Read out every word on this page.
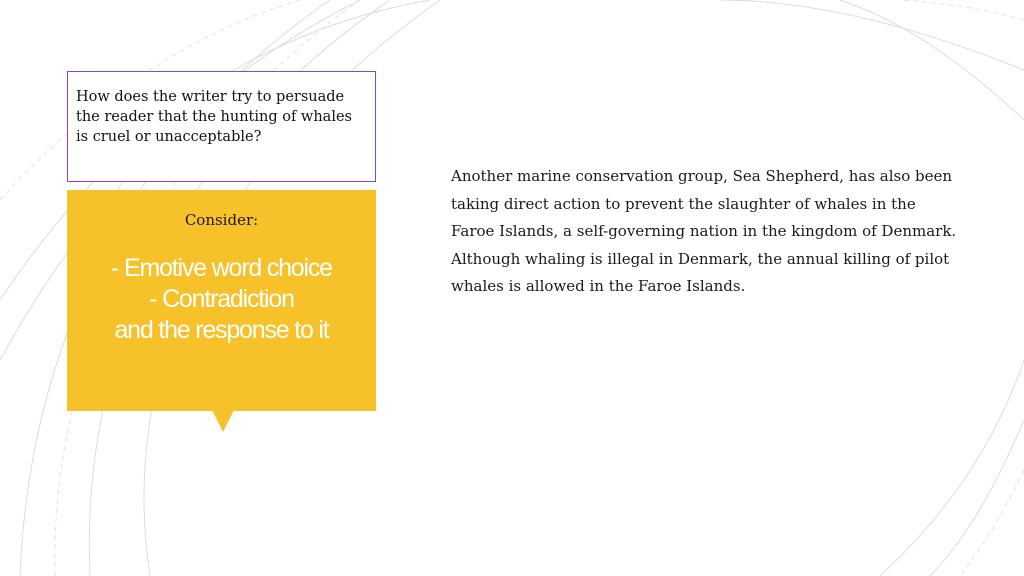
How does the writer try to persuade the reader that the hunting of whales is cruel or unacceptable?

Consider:
- Emotive word choice
- Contradiction
and the response to it

Another marine conservation group, Sea Shepherd, has also been taking direct action to prevent the slaughter of whales in the Faroe Islands, a self-governing nation in the kingdom of Denmark. Although whaling is illegal in Denmark, the annual killing of pilot whales is allowed in the Faroe Islands.
